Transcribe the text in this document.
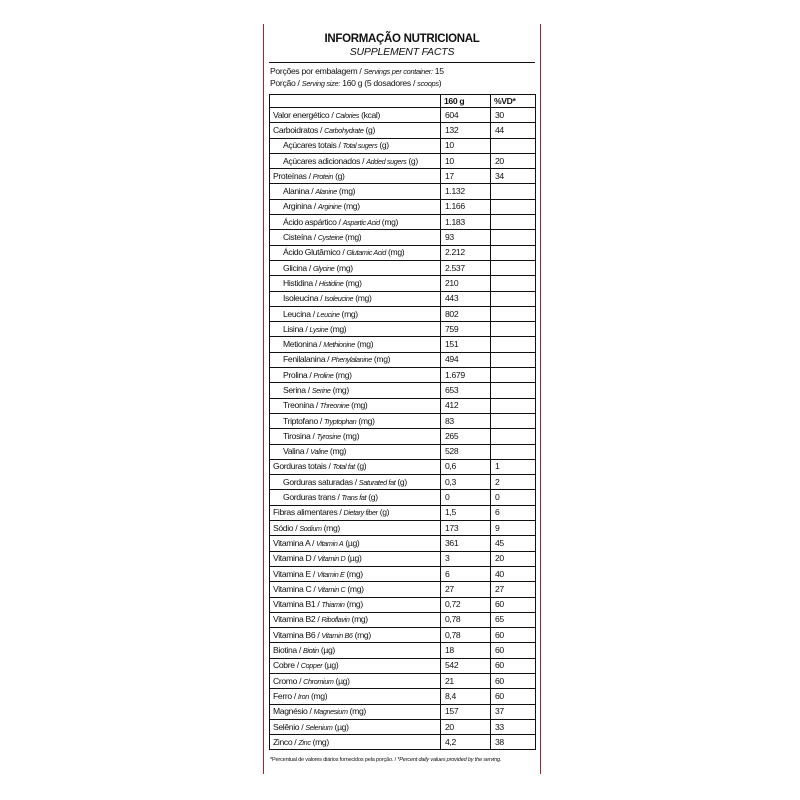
INFORMAÇÃO NUTRICIONAL
SUPPLEMENT FACTS
Porções por embalagem / Servings per container: 15
Porção / Serving size: 160 g (5 dosadores / scoops)
	160 g	%VD*
Valor energético / Calories (kcal)	604	30
Carboidratos / Carbohydrate (g)	132	44
Açúcares totais / Total sugers (g)	10	
Açúcares adicionados / Added sugers (g)	10	20
Proteínas / Protein (g)	17	34
Alanina / Alanine (mg)	1.132	
Arginina / Arginine (mg)	1.166	
Ácido aspártico / Aspartic Acid (mg)	1.183	
Cisteína / Cysteine (mg)	93	
Ácido Glutâmico / Glutamic Acid (mg)	2.212	
Glicina / Glycine (mg)	2.537	
Histidina / Histidine (mg)	210	
Isoleucina / Isoleucine (mg)	443	
Leucina / Leucine (mg)	802	
Lisina / Lysine (mg)	759	
Metionina / Methionine (mg)	151	
Fenilalanina / Phenylalanine (mg)	494	
Prolina / Proline (mg)	1.679	
Serina / Serine (mg)	653	
Treonina / Threonine (mg)	412	
Triptofano / Tryptophan (mg)	83	
Tirosina / Tyrosine (mg)	265	
Valina / Valine (mg)	528	
Gorduras totais / Total fat (g)	0,6	1
Gorduras saturadas / Saturated fat (g)	0,3	2
Gorduras trans / Trans fat (g)	0	0
Fibras alimentares / Dietary fiber (g)	1,5	6
Sódio / Sodium (mg)	173	9
Vitamina A / Vitamin A (µg)	361	45
Vitamina D / Vitamin D (µg)	3	20
Vitamina E / Vitamin E (mg)	6	40
Vitamina C / Vitamin C (mg)	27	27
Vitamina B1 / Thiamin (mg)	0,72	60
Vitamina B2 / Riboflavin (mg)	0,78	65
Vitamina B6 / Vitamin B6 (mg)	0,78	60
Biotina / Biotin (µg)	18	60
Cobre / Copper (µg)	542	60
Cromo / Chromium (µg)	21	60
Ferro / Iron (mg)	8,4	60
Magnésio / Magnesium (mg)	157	37
Selênio / Selenium (µg)	20	33
Zinco / Zinc (mg)	4,2	38
*Percentual de valores diários fornecidos pela porção. / *Percent daily values provided by the serving.
